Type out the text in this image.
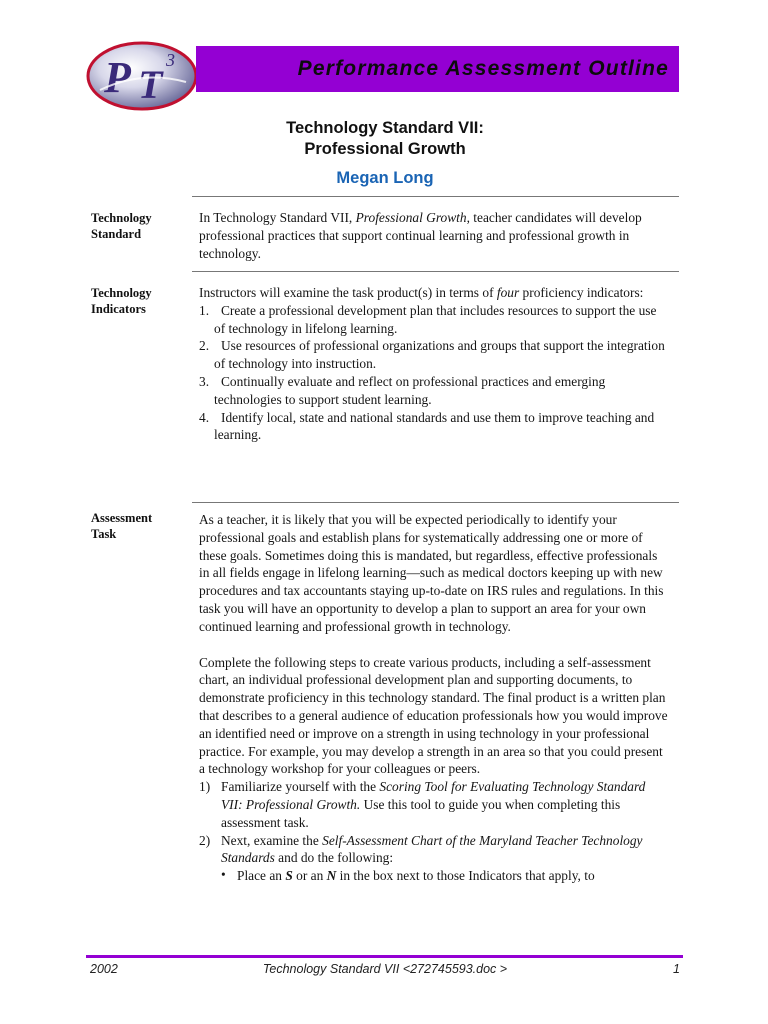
P T
3	Performance Assessment Outline
Technology Standard VII:
Professional Growth
Megan Long
Technology
Standard

In Technology Standard VII, Professional Growth, teacher candidates will develop professional practices that support continual learning and professional growth in technology.

Technology
Indicators

Instructors will examine the task product(s) in terms of four proficiency indicators:

1. Create a professional development plan that includes resources to support the use of technology in lifelong learning.

2. Use resources of professional organizations and groups that support the integration of technology into instruction.

3. Continually evaluate and reflect on professional practices and emerging technologies to support student learning.

4. Identify local, state and national standards and use them to improve teaching and learning.

Assessment
Task

As a teacher, it is likely that you will be expected periodically to identify your professional goals and establish plans for systematically addressing one or more of these goals. Sometimes doing this is mandated, but regardless, effective professionals in all fields engage in lifelong learning—such as medical doctors keeping up with new procedures and tax accountants staying up-to-date on IRS rules and regulations. In this task you will have an opportunity to develop a plan to support an area for your own continued learning and professional growth in technology.

Complete the following steps to create various products, including a self-assessment chart, an individual professional development plan and supporting documents, to demonstrate proficiency in this technology standard. The final product is a written plan that describes to a general audience of education professionals how you would improve an identified need or improve on a strength in using technology in your professional practice. For example, you may develop a strength in an area so that you could present a technology workshop for your colleagues or peers.

1) Familiarize yourself with the Scoring Tool for Evaluating Technology Standard VII: Professional Growth. Use this tool to guide you when completing this assessment task.

2) Next, examine the Self-Assessment Chart of the Maryland Teacher Technology Standards and do the following:

• Place an S or an N in the box next to those Indicators that apply, to

2002	Technology Standard VII <272745593.doc >	1
